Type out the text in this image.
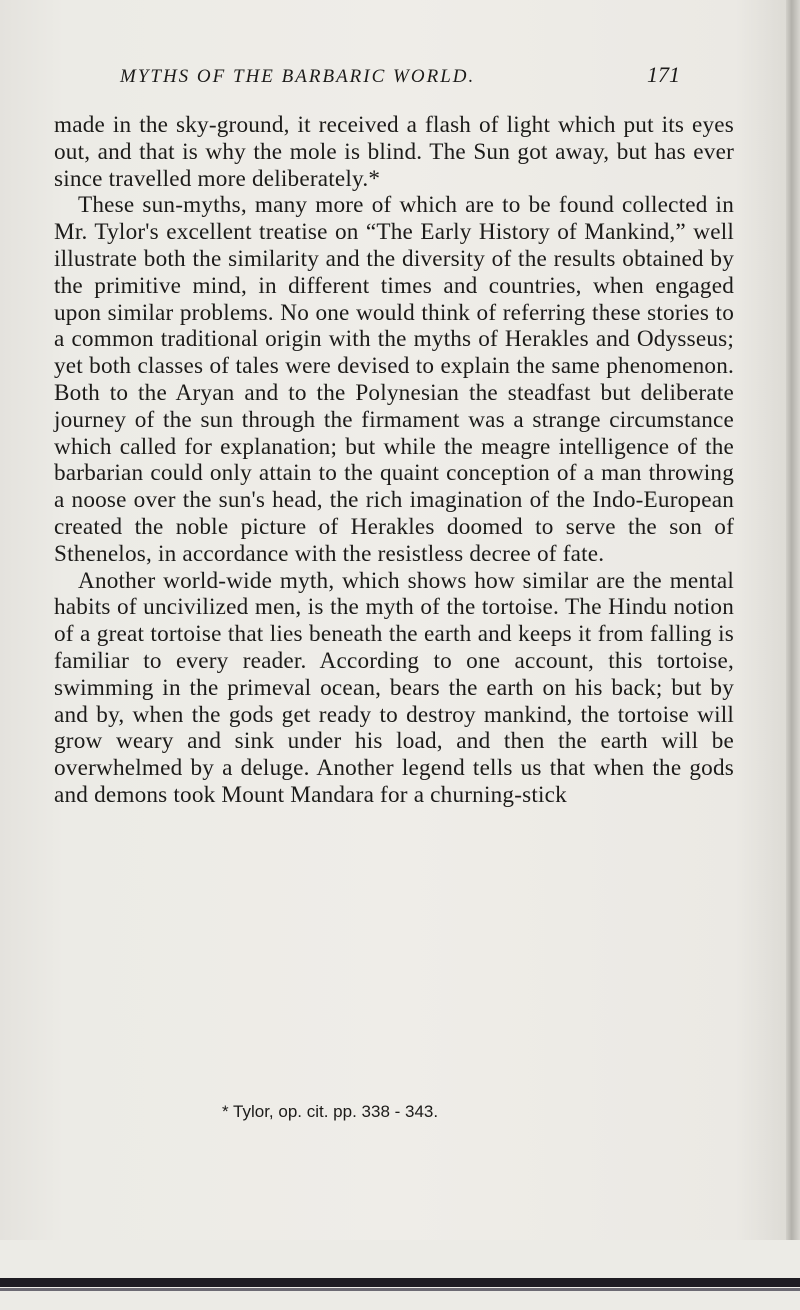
MYTHS OF THE BARBARIC WORLD.	171

made in the sky-ground, it received a flash of light which put its eyes out, and that is why the mole is blind. The Sun got away, but has ever since travelled more deliberately.*

These sun-myths, many more of which are to be found collected in Mr. Tylor's excellent treatise on “The Early History of Mankind,” well illustrate both the similarity and the diversity of the results obtained by the primitive mind, in different times and countries, when engaged upon similar problems. No one would think of referring these stories to a common traditional origin with the myths of Herakles and Odysseus; yet both classes of tales were devised to explain the same phenomenon. Both to the Aryan and to the Polynesian the steadfast but deliberate journey of the sun through the firmament was a strange circumstance which called for explanation; but while the meagre intelligence of the barbarian could only attain to the quaint conception of a man throwing a noose over the sun's head, the rich imagination of the Indo-European created the noble picture of Herakles doomed to serve the son of Sthenelos, in accordance with the resistless decree of fate.

Another world-wide myth, which shows how similar are the mental habits of uncivilized men, is the myth of the tortoise. The Hindu notion of a great tortoise that lies beneath the earth and keeps it from falling is familiar to every reader. According to one account, this tortoise, swimming in the primeval ocean, bears the earth on his back; but by and by, when the gods get ready to destroy mankind, the tortoise will grow weary and sink under his load, and then the earth will be overwhelmed by a deluge. Another legend tells us that when the gods and demons took Mount Mandara for a churning-stick

* Tylor, op. cit. pp. 338 - 343.
